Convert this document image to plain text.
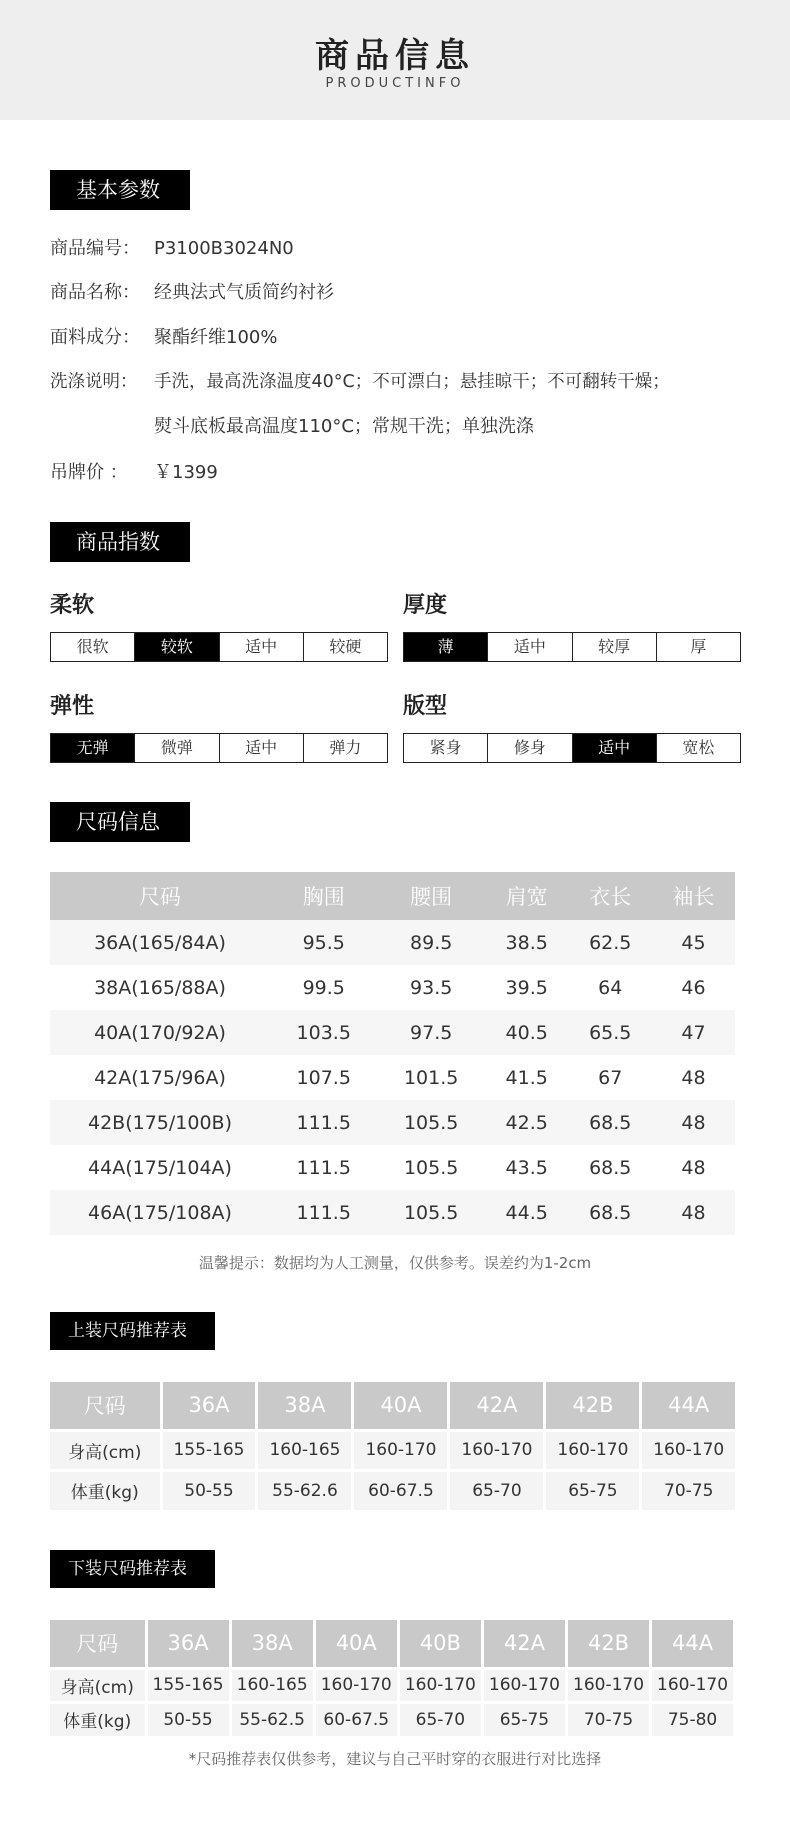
商品信息
PRODUCTINFO
基本参数
商品编号： P3100B3024N0
商品名称： 经典法式气质简约衬衫
面料成分： 聚酯纤维100%
洗涤说明： 手洗，最高洗涤温度40°C；不可漂白；悬挂晾干；不可翻转干燥；
熨斗底板最高温度110°C；常规干洗；单独洗涤
吊牌价 ： ￥1399
商品指数
柔软
很软	较软	适中	较硬
厚度
薄	适中	较厚	厚
弹性
无弹	微弹	适中	弹力
版型
紧身	修身	适中	宽松
尺码信息
尺码	胸围	腰围	肩宽	衣长	袖长
36A(165/84A)	95.5	89.5	38.5	62.5	45
38A(165/88A)	99.5	93.5	39.5	64	46
40A(170/92A)	103.5	97.5	40.5	65.5	47
42A(175/96A)	107.5	101.5	41.5	67	48
42B(175/100B)	111.5	105.5	42.5	68.5	48
44A(175/104A)	111.5	105.5	43.5	68.5	48
46A(175/108A)	111.5	105.5	44.5	68.5	48
温馨提示：数据均为人工测量，仅供参考。误差约为1-2cm
上装尺码推荐表
尺码	36A	38A	40A	42A	42B	44A
身高(cm)	155-165	160-165	160-170	160-170	160-170	160-170
体重(kg)	50-55	55-62.6	60-67.5	65-70	65-75	70-75
下装尺码推荐表
尺码	36A	38A	40A	40B	42A	42B	44A
身高(cm)	155-165	160-165	160-170	160-170	160-170	160-170	160-170
体重(kg)	50-55	55-62.5	60-67.5	65-70	65-75	70-75	75-80
*尺码推荐表仅供参考，建议与自己平时穿的衣服进行对比选择
